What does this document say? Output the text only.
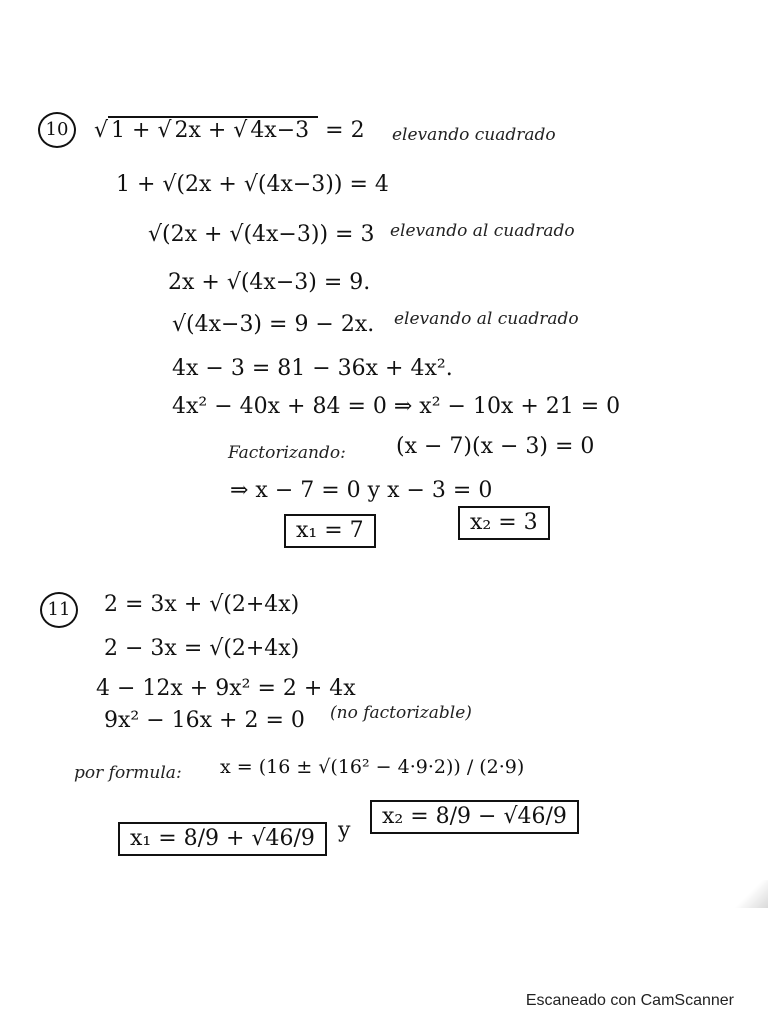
10	√ 1 + √ 2x + √ 4x−3 = 2 elevando cuadrado
1 + √(2x + √(4x−3)) = 4
√(2x + √(4x−3)) = 3 elevando al cuadrado
2x + √(4x−3) = 9.
√(4x−3) = 9 − 2x. elevando al cuadrado
4x − 3 = 81 − 36x + 4x².
4x² − 40x + 84 = 0 ⇒ x² − 10x + 21 = 0
Factorizando: (x − 7)(x − 3) = 0
⇒ x − 7 = 0 y x − 3 = 0
x₁ = 7	x₂ = 3
11	2 = 3x + √(2+4x)
2 − 3x = √(2+4x)
4 − 12x + 9x² = 2 + 4x
9x² − 16x + 2 = 0 (no factorizable)
por formula: x = (16 ± √(16² − 4·9·2)) / (2·9)
x₁ = 8/9 + √46/9	y
x₂ = 8/9 − √46/9
Escaneado con CamScanner
